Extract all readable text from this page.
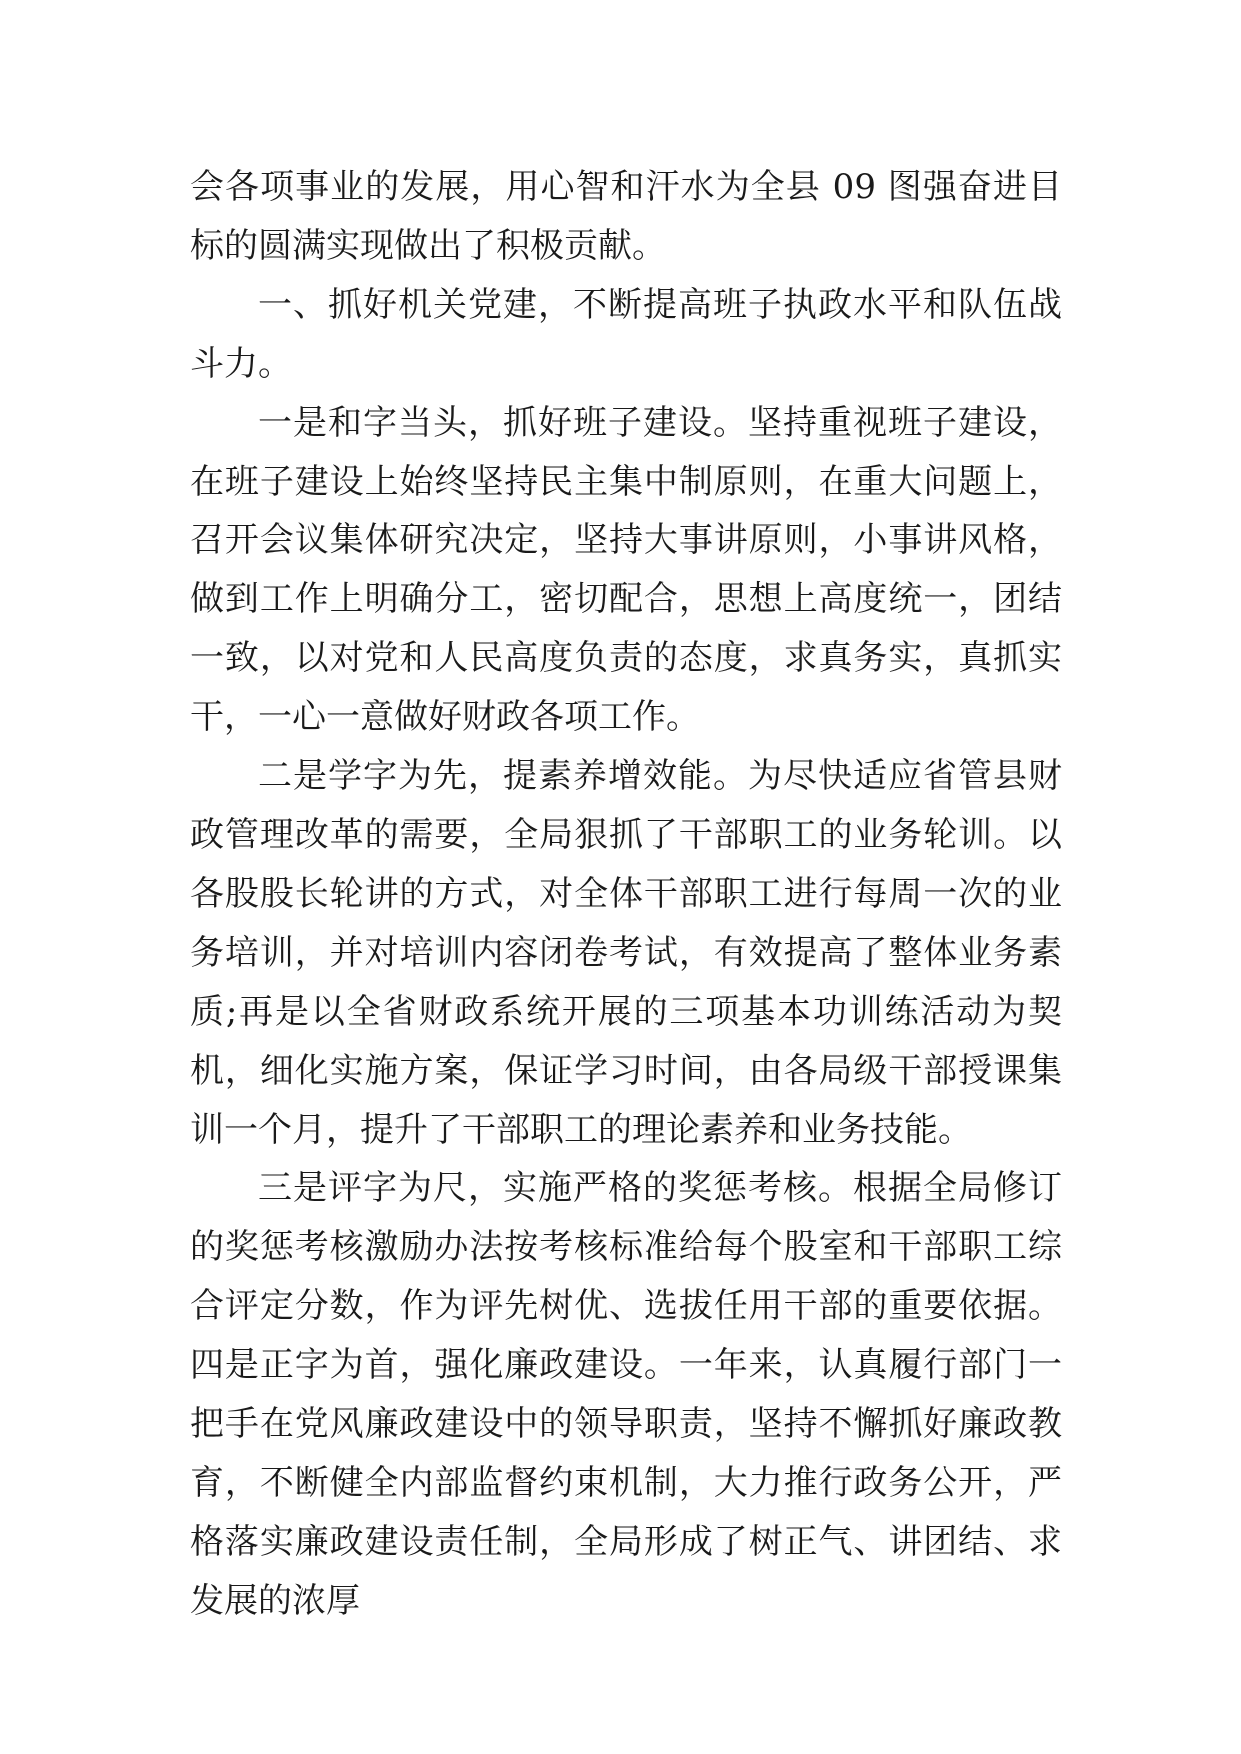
会各项事业的发展，用心智和汗水为全县 09 图强奋进目标的圆满实现做出了积极贡献。

一、抓好机关党建，不断提高班子执政水平和队伍战斗力。

一是和字当头，抓好班子建设。坚持重视班子建设，在班子建设上始终坚持民主集中制原则，在重大问题上，召开会议集体研究决定，坚持大事讲原则，小事讲风格，做到工作上明确分工，密切配合，思想上高度统一，团结一致，以对党和人民高度负责的态度，求真务实，真抓实干，一心一意做好财政各项工作。

二是学字为先，提素养增效能。为尽快适应省管县财政管理改革的需要，全局狠抓了干部职工的业务轮训。以各股股长轮讲的方式，对全体干部职工进行每周一次的业务培训，并对培训内容闭卷考试，有效提高了整体业务素质;再是以全省财政系统开展的三项基本功训练活动为契机，细化实施方案，保证学习时间，由各局级干部授课集训一个月，提升了干部职工的理论素养和业务技能。

三是评字为尺，实施严格的奖惩考核。根据全局修订的奖惩考核激励办法按考核标准给每个股室和干部职工综合评定分数，作为评先树优、选拔任用干部的重要依据。四是正字为首，强化廉政建设。一年来，认真履行部门一把手在党风廉政建设中的领导职责，坚持不懈抓好廉政教育，不断健全内部监督约束机制，大力推行政务公开，严格落实廉政建设责任制，全局形成了树正气、讲团结、求发展的浓厚
